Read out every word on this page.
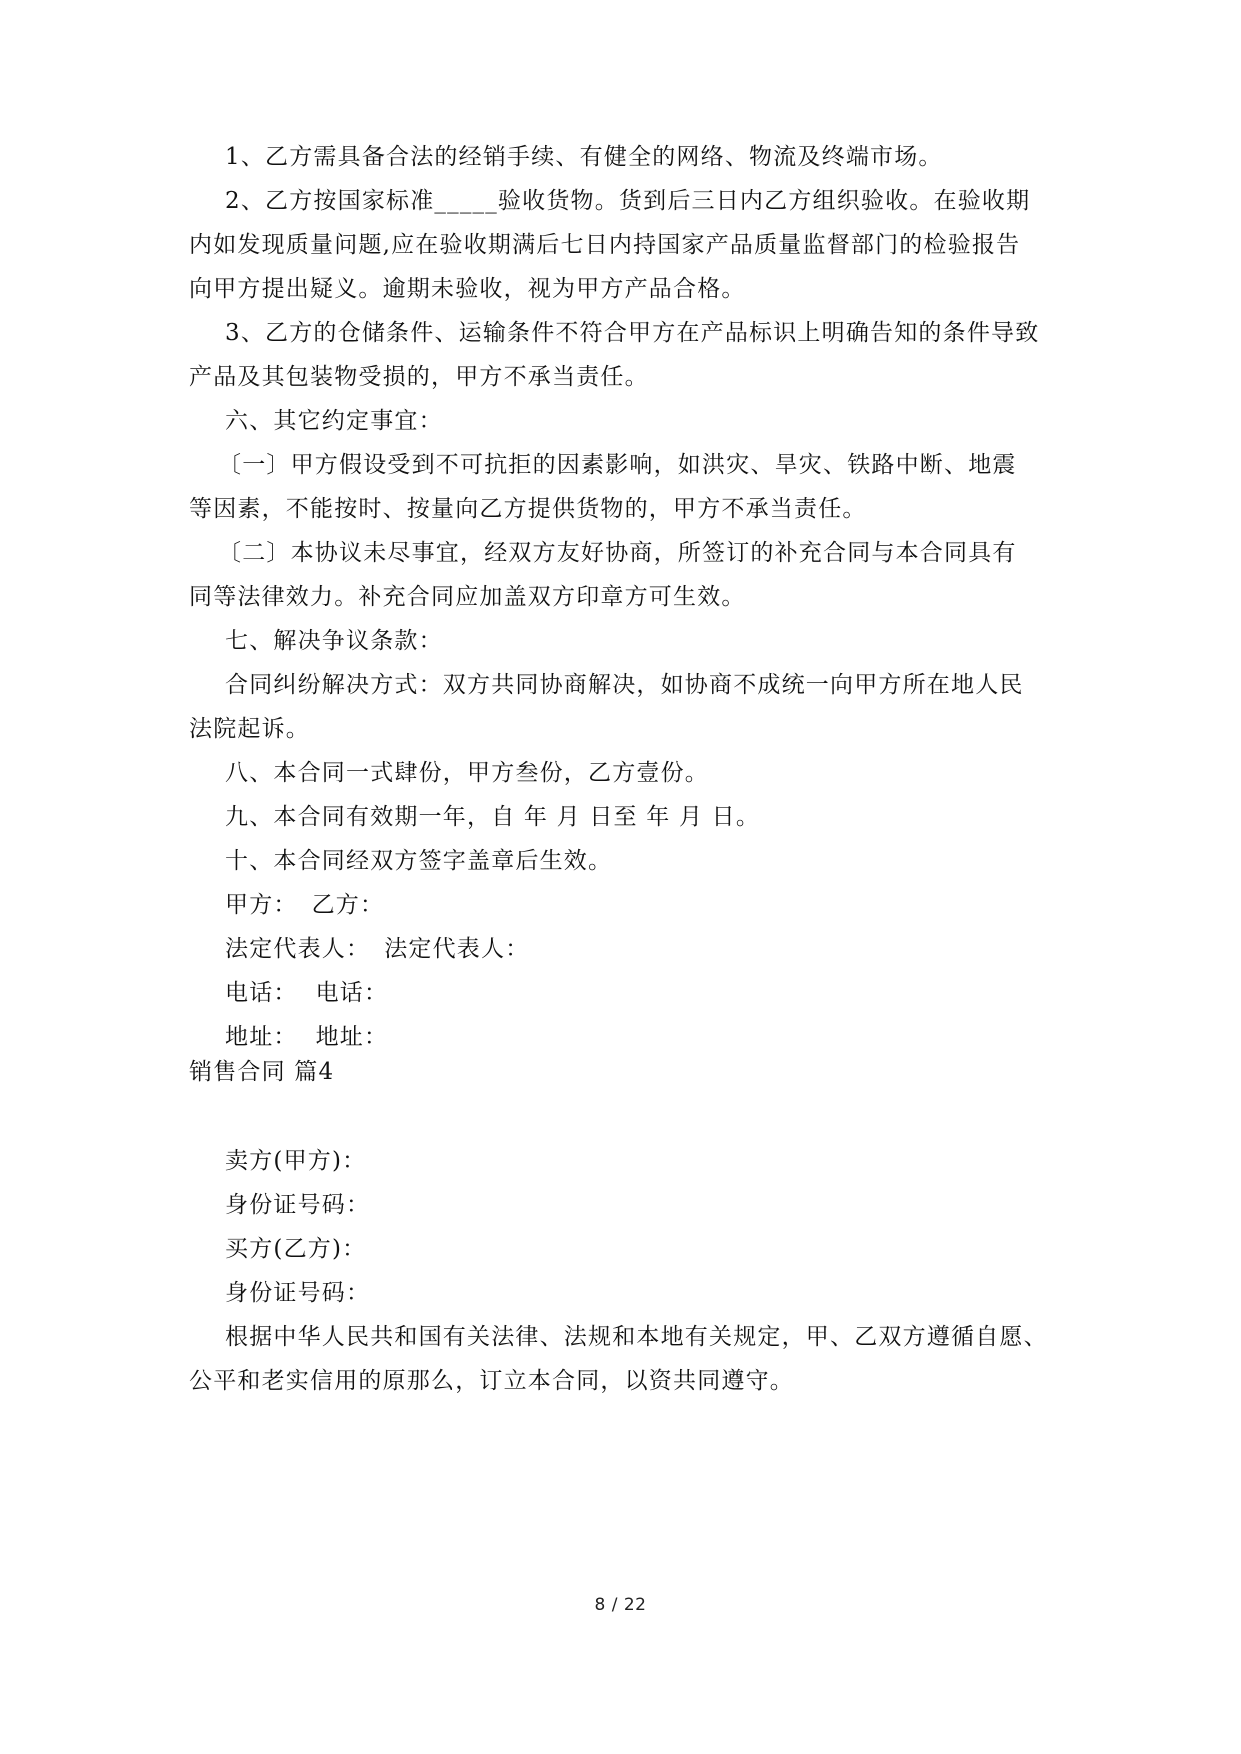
1、乙方需具备合法的经销手续、有健全的网络、物流及终端市场。
2、乙方按国家标准_____验收货物。货到后三日内乙方组织验收。在验收期
内如发现质量问题,应在验收期满后七日内持国家产品质量监督部门的检验报告
向甲方提出疑义。逾期未验收，视为甲方产品合格。
3、乙方的仓储条件、运输条件不符合甲方在产品标识上明确告知的条件导致
产品及其包装物受损的，甲方不承当责任。
六、其它约定事宜：
〔一〕甲方假设受到不可抗拒的因素影响，如洪灾、旱灾、铁路中断、地震
等因素，不能按时、按量向乙方提供货物的，甲方不承当责任。
〔二〕本协议未尽事宜，经双方友好协商，所签订的补充合同与本合同具有
同等法律效力。补充合同应加盖双方印章方可生效。
七、解决争议条款：
合同纠纷解决方式：双方共同协商解决，如协商不成统一向甲方所在地人民
法院起诉。
八、本合同一式肆份，甲方叁份，乙方壹份。
九、本合同有效期一年，自 年 月 日至 年 月 日。
十、本合同经双方签字盖章后生效。
甲方： 乙方：
法定代表人： 法定代表人：
电话： 电话：
地址： 地址：
销售合同 篇4
卖方(甲方)：
身份证号码：
买方(乙方)：
身份证号码：
根据中华人民共和国有关法律、法规和本地有关规定，甲、乙双方遵循自愿、
公平和老实信用的原那么，订立本合同，以资共同遵守。
8 / 22
